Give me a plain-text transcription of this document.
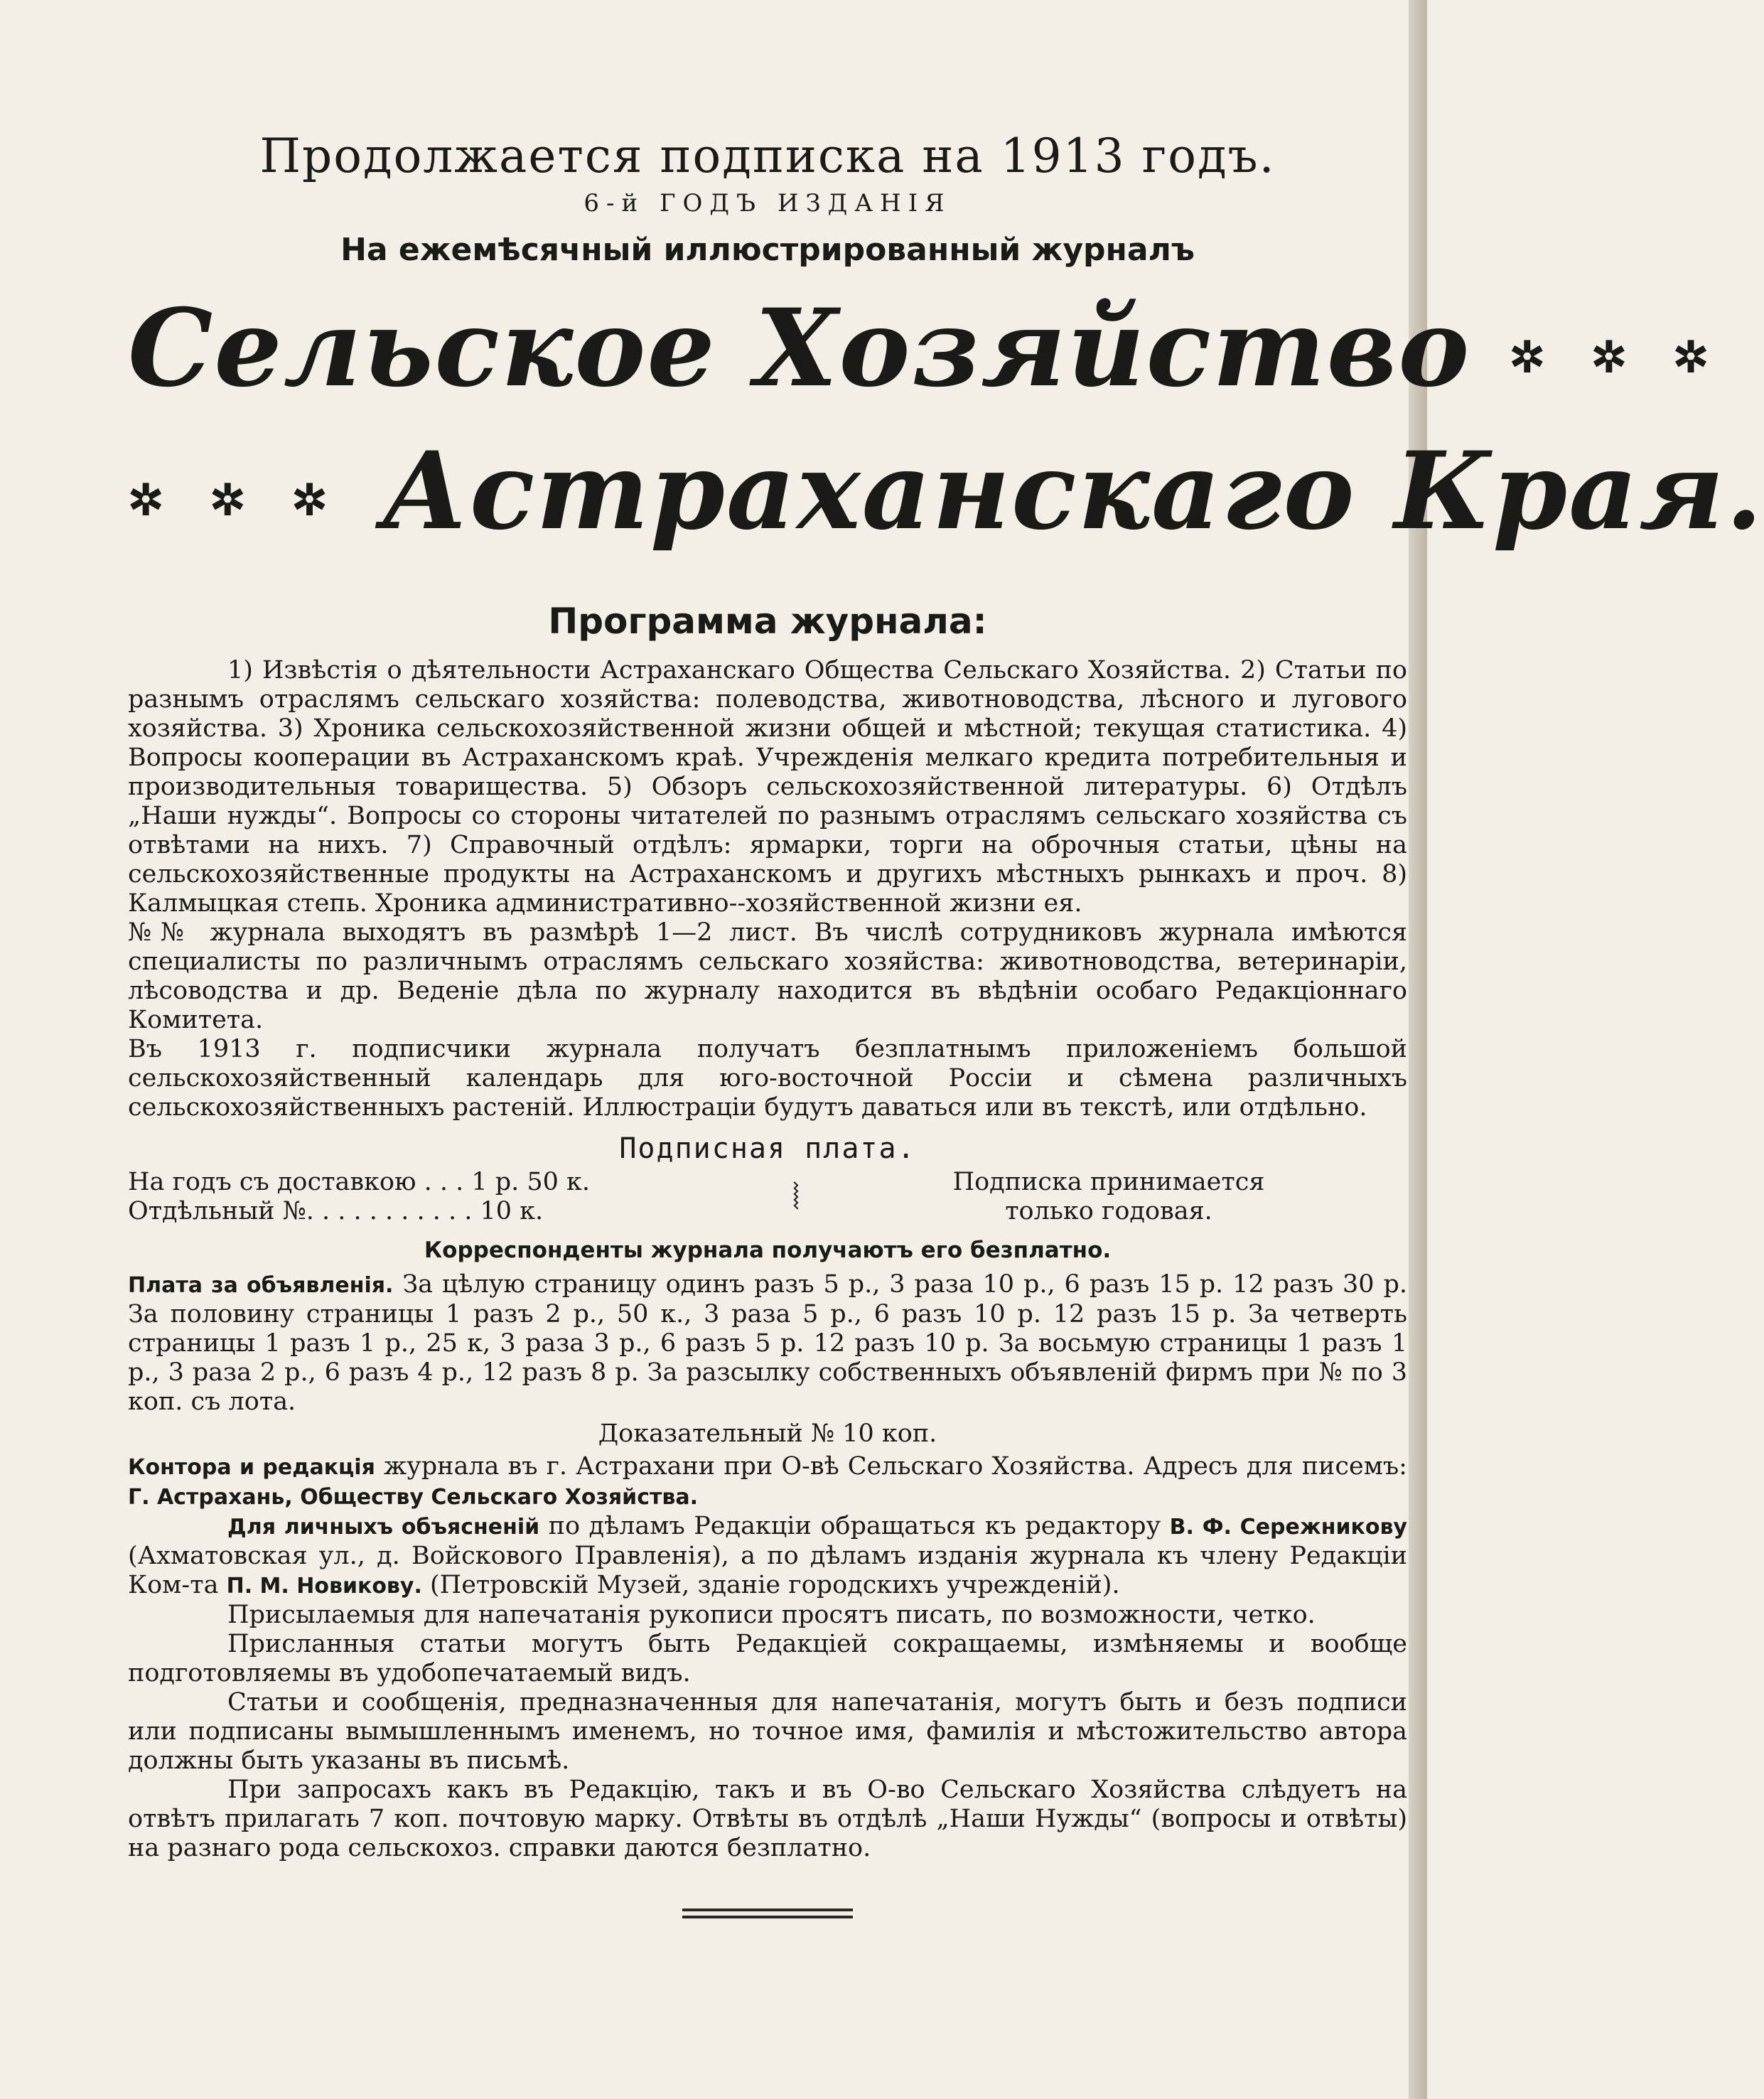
Продолжается подписка на 1913 годъ.

6-й ГОДЪ ИЗДАНІЯ

На ежемѣсячный иллюстрированный журналъ

Сельское Хозяйство ✲ ✲ ✲
✲ ✲ ✲ Астраханскаго Края.

Программа журнала:

1) Извѣстія о дѣятельности Астраханскаго Общества Сельскаго Хозяйства. 2) Статьи по разнымъ отраслямъ сельскаго хозяйства: полеводства, животноводства, лѣсного и лугового хозяйства. 3) Хроника сельскохозяйственной жизни общей и мѣстной; текущая статистика. 4) Вопросы кооперации въ Астраханскомъ краѣ. Учрежденія мелкаго кредита потребительныя и производительныя товарищества. 5) Обзоръ сельскохозяйственной литературы. 6) Отдѣлъ „Наши нужды“. Вопросы со стороны читателей по разнымъ отраслямъ сельскаго хозяйства съ отвѣтами на нихъ. 7) Справочный отдѣлъ: ярмарки, торги на оброчныя статьи, цѣны на сельскохозяйственные продукты на Астраханскомъ и другихъ мѣстныхъ рынкахъ и проч. 8) Калмыцкая степь. Хроника административно--хозяйственной жизни ея.

№№ журнала выходятъ въ размѣрѣ 1—2 лист. Въ числѣ сотрудниковъ журнала имѣются специалисты по различнымъ отраслямъ сельскаго хозяйства: животноводства, ветеринаріи, лѣсоводства и др. Веденіе дѣла по журналу находится въ вѣдѣніи особаго Редакціоннаго Комитета.

Въ 1913 г. подписчики журнала получатъ безплатнымъ приложеніемъ большой сельскохозяйственный календарь для юго-восточной Россіи и сѣмена различныхъ сельскохозяйственныхъ растеній. Иллюстраціи будутъ даваться или въ текстѣ, или отдѣльно.

Подписная плата.

На годъ съ доставкою . . . 1 р. 50 к.
Отдѣльный №. . . . . . . . . . . 10 к.	⦚	Подписка принимается
только годовая.

Корреспонденты журнала получаютъ его безплатно.

Плата за объявленія. За цѣлую страницу одинъ разъ 5 р., 3 раза 10 р., 6 разъ 15 р. 12 разъ 30 р. За половину страницы 1 разъ 2 р., 50 к., 3 раза 5 р., 6 разъ 10 р. 12 разъ 15 р. За четверть страницы 1 разъ 1 р., 25 к, 3 раза 3 р., 6 разъ 5 р. 12 разъ 10 р. За восьмую страницы 1 разъ 1 р., 3 раза 2 р., 6 разъ 4 р., 12 разъ 8 р. За разсылку собственныхъ объявленій фирмъ при № по 3 коп. съ лота.

Доказательный № 10 коп.

Контора и редакція журнала въ г. Астрахани при О-вѣ Сельскаго Хозяйства. Адресъ для писемъ: Г. Астрахань, Обществу Сельскаго Хозяйства.

Для личныхъ объясненій по дѣламъ Редакціи обращаться къ редактору В. Ф. Сережникову (Ахматовская ул., д. Войскового Правленія), а по дѣламъ изданія журнала къ члену Редакціи Ком-та П. М. Новикову. (Петровскій Музей, зданіе городскихъ учрежденій).

Присылаемыя для напечатанія рукописи просятъ писать, по возможности, четко.

Присланныя статьи могутъ быть Редакціей сокращаемы, измѣняемы и вообще подготовляемы въ удобопечатаемый видъ.

Статьи и сообщенія, предназначенныя для напечатанія, могутъ быть и безъ подписи или подписаны вымышленнымъ именемъ, но точное имя, фамилія и мѣстожительство автора должны быть указаны въ письмѣ.

При запросахъ какъ въ Редакцію, такъ и въ О-во Сельскаго Хозяйства слѣдуетъ на отвѣтъ прилагать 7 коп. почтовую марку. Отвѣты въ отдѣлѣ „Наши Нужды“ (вопросы и отвѣты) на разнаго рода сельскохоз. справки даются безплатно.
